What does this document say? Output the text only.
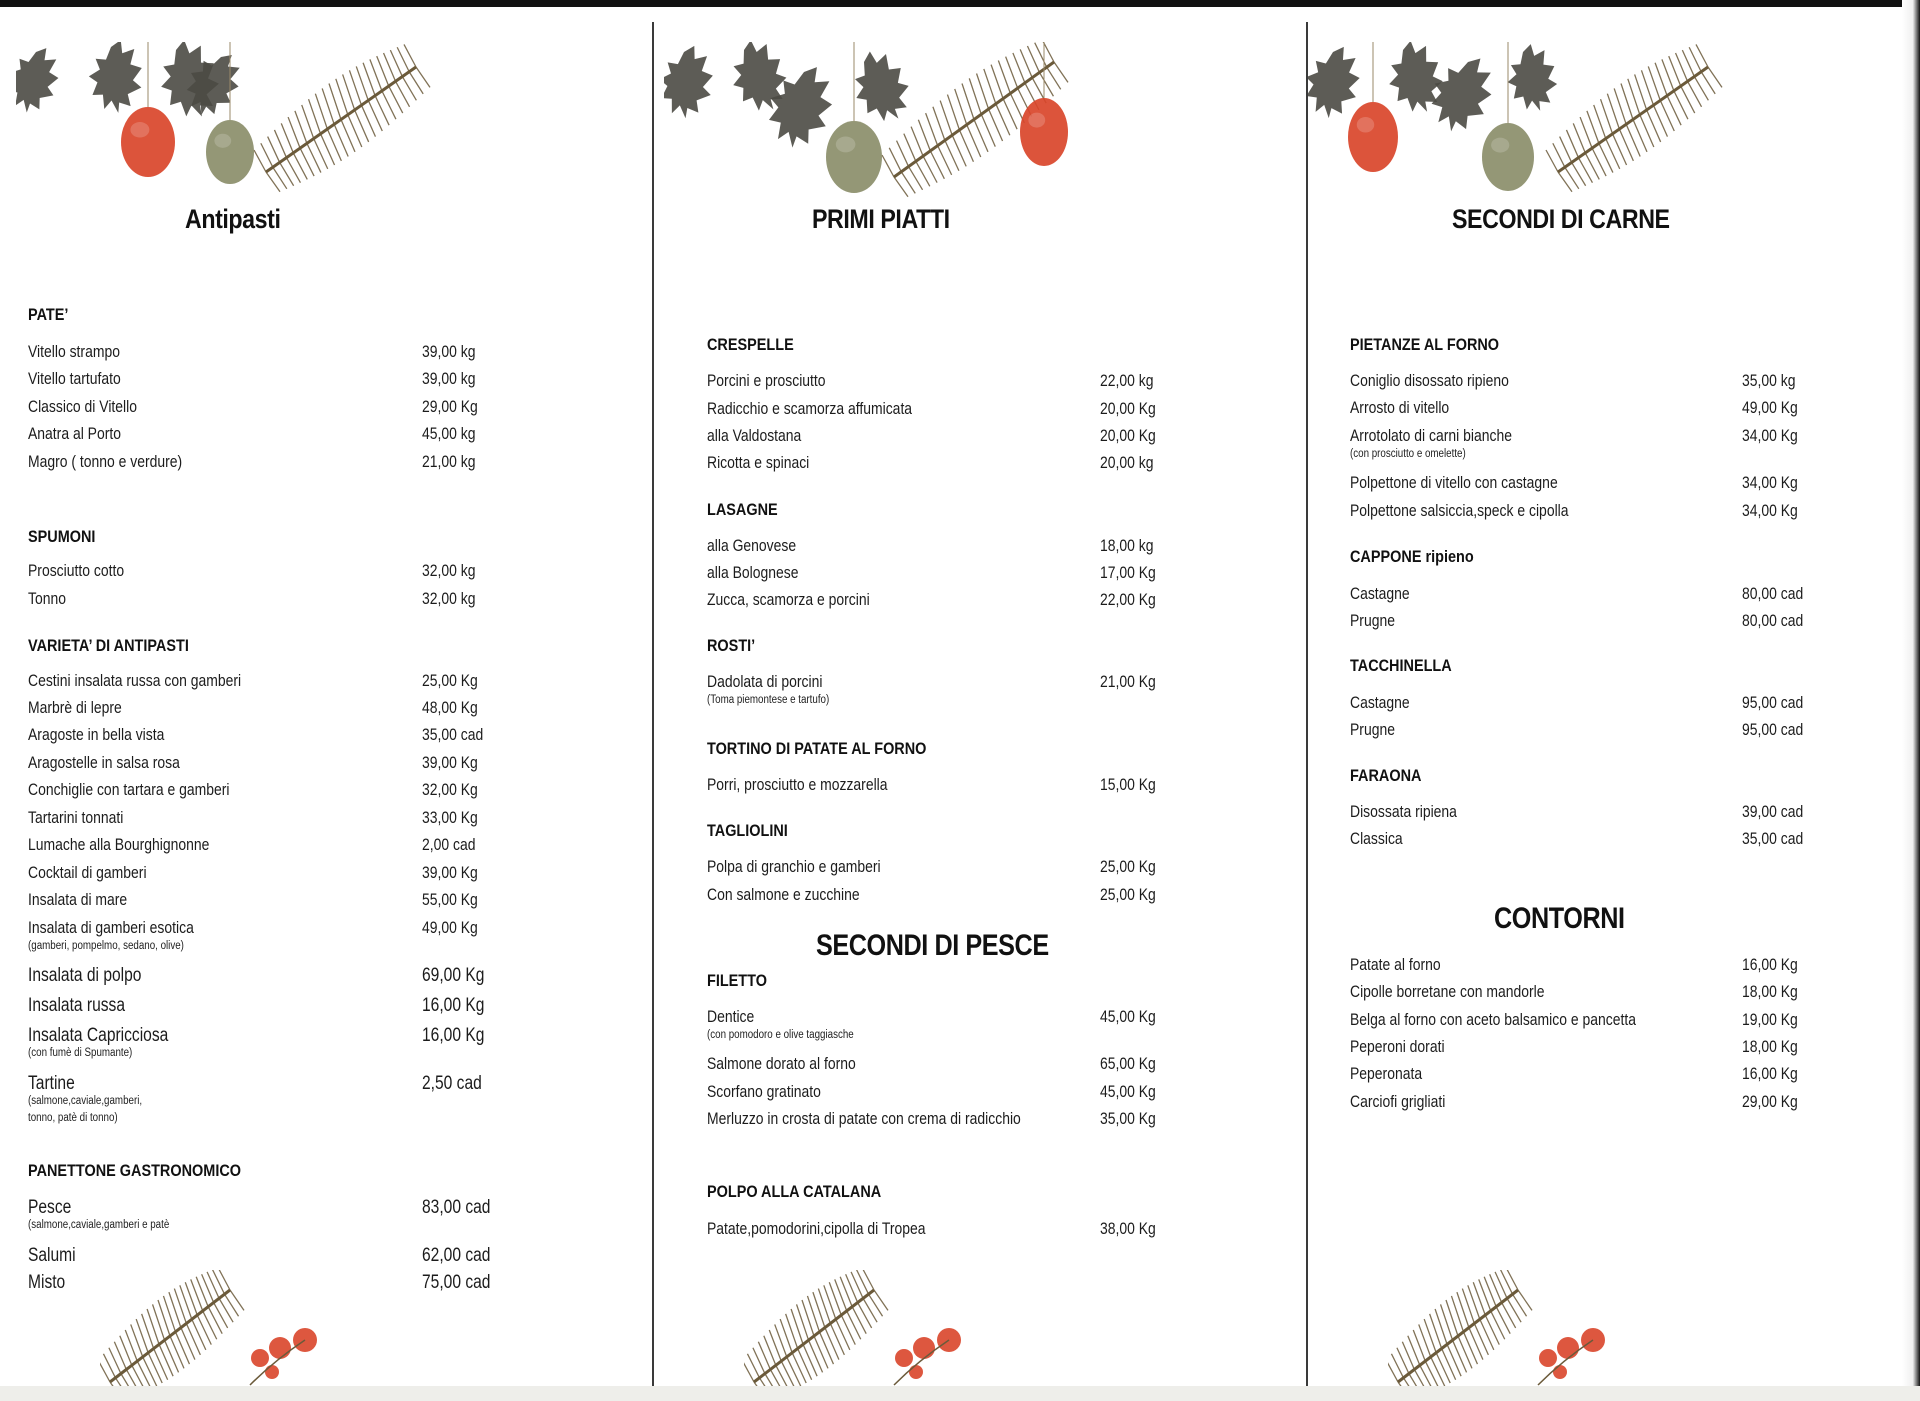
Antipasti
PATE’
Vitello strampo	39,00 kg
Vitello tartufato	39,00 kg
Classico di Vitello	29,00 Kg
Anatra al Porto	45,00 kg
Magro ( tonno e verdure)	21,00 kg
SPUMONI
Prosciutto cotto	32,00 kg
Tonno	32,00 kg
VARIETA’ DI ANTIPASTI
Cestini insalata russa con gamberi	25,00 Kg
Marbrè di lepre	48,00 Kg
Aragoste in bella vista	35,00 cad
Aragostelle in salsa rosa	39,00 Kg
Conchiglie con tartara e gamberi	32,00 Kg
Tartarini tonnati	33,00 Kg
Lumache alla Bourghignonne	2,00 cad
Cocktail di gamberi	39,00 Kg
Insalata di mare	55,00 Kg
Insalata di gamberi esotica	49,00 Kg
(gamberi, pompelmo, sedano, olive)
Insalata di polpo	69,00 Kg
Insalata russa	16,00 Kg
Insalata Capricciosa	16,00 Kg
(con fumè di Spumante)
Tartine	2,50 cad
(salmone,caviale,gamberi,
tonno, patè di tonno)
PANETTONE GASTRONOMICO
Pesce	83,00 cad
(salmone,caviale,gamberi e patè
Salumi	62,00 cad
Misto	75,00 cad
PRIMI PIATTI
SECONDI DI PESCE
CRESPELLE
Porcini e prosciutto	22,00 kg
Radicchio e scamorza affumicata	20,00 Kg
alla Valdostana	20,00 Kg
Ricotta e spinaci	20,00 kg
LASAGNE
alla Genovese	18,00 kg
alla Bolognese	17,00 Kg
Zucca, scamorza e porcini	22,00 Kg
ROSTI’
Dadolata di porcini	21,00 Kg
(Toma piemontese e tartufo)
TORTINO DI PATATE AL FORNO
Porri, prosciutto e mozzarella	15,00 Kg
TAGLIOLINI
Polpa di granchio e gamberi	25,00 Kg
Con salmone e zucchine	25,00 Kg
FILETTO
Dentice	45,00 Kg
(con pomodoro e olive taggiasche
Salmone dorato al forno	65,00 Kg
Scorfano gratinato	45,00 Kg
Merluzzo in crosta di patate con crema di radicchio	35,00 Kg
POLPO ALLA CATALANA
Patate,pomodorini,cipolla di Tropea	38,00 Kg
SECONDI DI CARNE
CONTORNI
PIETANZE AL FORNO
Coniglio disossato ripieno	35,00 kg
Arrosto di vitello	49,00 Kg
Arrotolato di carni bianche	34,00 Kg
(con prosciutto e omelette)
Polpettone di vitello con castagne	34,00 Kg
Polpettone salsiccia,speck e cipolla	34,00 Kg
CAPPONE ripieno
Castagne	80,00 cad
Prugne	80,00 cad
TACCHINELLA
Castagne	95,00 cad
Prugne	95,00 cad
FARAONA
Disossata ripiena	39,00 cad
Classica	35,00 cad
Patate al forno	16,00 Kg
Cipolle borretane con mandorle	18,00 Kg
Belga al forno con aceto balsamico e pancetta	19,00 Kg
Peperoni dorati	18,00 Kg
Peperonata	16,00 Kg
Carciofi grigliati	29,00 Kg
